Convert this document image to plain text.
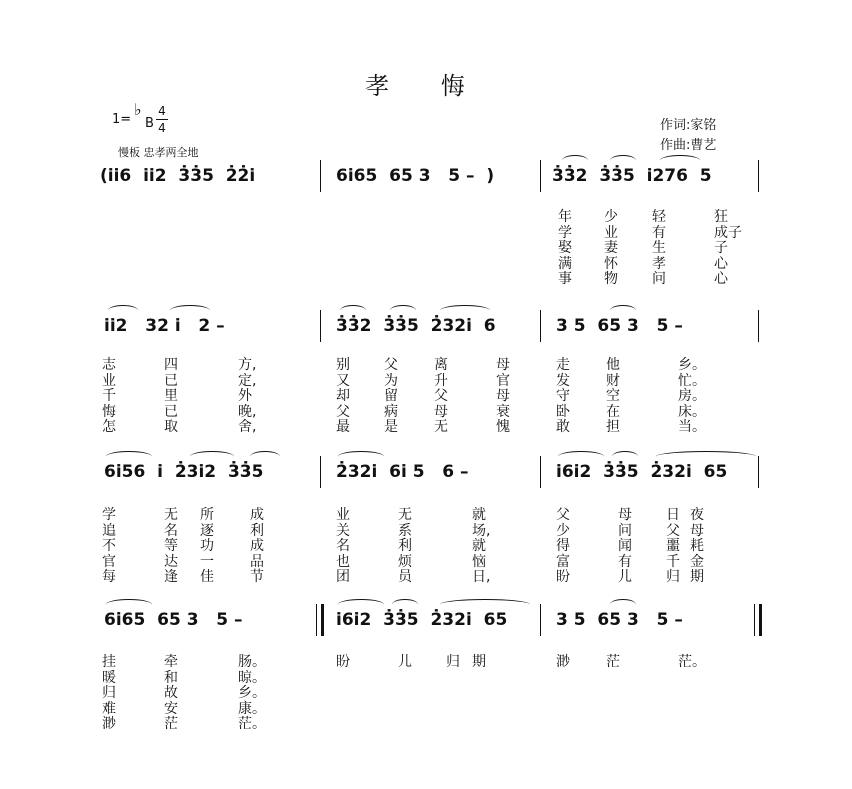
孝 悔
1=
♭
B
4
4
慢板 忠孝两全地
作词:家铭
作曲:曹艺
(i̇i̇6  i̇i̇2  3̇3̇5  2̇2̇i̇	6i̇65  65 3   5 –  )	3̇3̇2  3̇3̇5  i̇276  5
年 少 轻	狂
学 业 有	成子
娶 妻 生	子
满 怀 孝	心
事 物 问	心
i̇i̇2   32 i̇   2 –	3̇3̇2  3̇3̇5  2̇32i̇  6	3 5  65 3   5 –
志	四	方,	别 父	离	母	走	他	乡。
业	已	定,	又 为	升	官	发	财	忙。
千	里	外	却 留	父	母	守	空	房。
悔	已	晚,	父 病	母	衰	卧	在	床。
怎	取	舍,	最 是	无	愧	敢	担	当。
6i̇56  i̇  2̇3i̇2  3̇3̇5	2̇32i̇  6i̇ 5   6 –	i̇6i̇2  3̇3̇5  2̇32i̇  65
学	无 所	成	业	无	就	父	母 日 夜
追	名 逐	利	关	系	场,	少	问 父 母
不	等 功	成	名	利	就	得	闻 噩 耗
官	达 一	品	也	烦	恼	富	有 千 金
每	逢 佳	节	团	员	日,	盼	儿 归 期
6i̇65  65 3   5 –	i̇6i̇2  3̇3̇5  2̇32i̇  65	3 5  65 3   5 –
挂	牵	肠。	盼	儿 归 期	渺	茫	茫。
暖	和	晾。
归	故	乡。
难	安	康。
渺	茫	茫。
